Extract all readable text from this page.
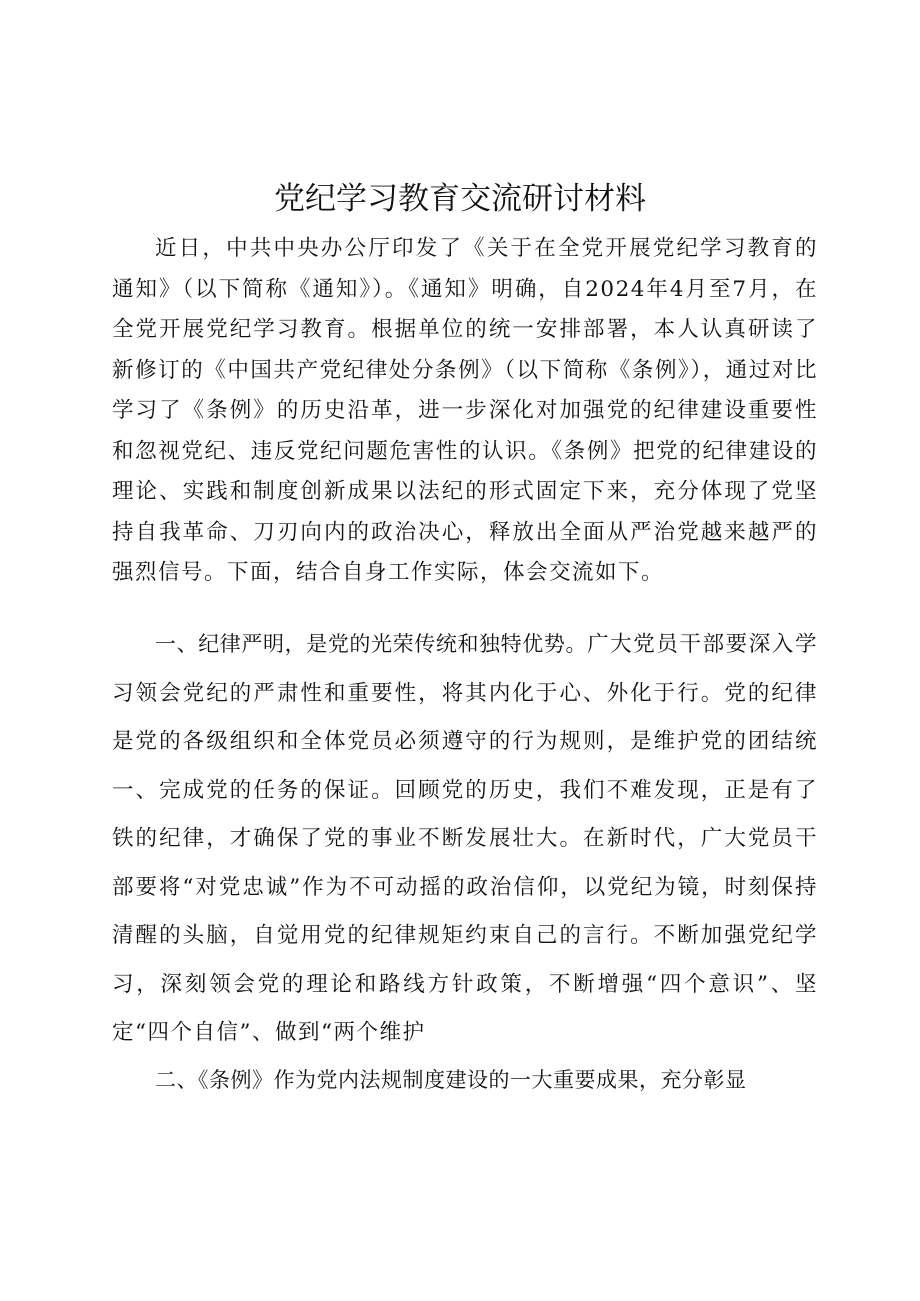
党纪学习教育交流研讨材料

近日，中共中央办公厅印发了《关于在全党开展党纪学习教育的通知》（以下简称《通知》）。《通知》明确，自2024年4月至7月，在全党开展党纪学习教育。根据单位的统一安排部署，本人认真研读了新修订的《中国共产党纪律处分条例》（以下简称《条例》），通过对比学习了《条例》的历史沿革，进一步深化对加强党的纪律建设重要性和忽视党纪、违反党纪问题危害性的认识。《条例》把党的纪律建设的理论、实践和制度创新成果以法纪的形式固定下来，充分体现了党坚持自我革命、刀刃向内的政治决心，释放出全面从严治党越来越严的强烈信号。下面，结合自身工作实际，体会交流如下。

一、纪律严明，是党的光荣传统和独特优势。广大党员干部要深入学习领会党纪的严肃性和重要性，将其内化于心、外化于行。党的纪律是党的各级组织和全体党员必须遵守的行为规则，是维护党的团结统一、完成党的任务的保证。回顾党的历史，我们不难发现，正是有了铁的纪律，才确保了党的事业不断发展壮大。在新时代，广大党员干部要将“对党忠诚”作为不可动摇的政治信仰，以党纪为镜，时刻保持清醒的头脑，自觉用党的纪律规矩约束自己的言行。不断加强党纪学习，深刻领会党的理论和路线方针政策，不断增强“四个意识”、坚定“四个自信”、做到“两个维护

二、《条例》作为党内法规制度建设的一大重要成果，充分彰显
